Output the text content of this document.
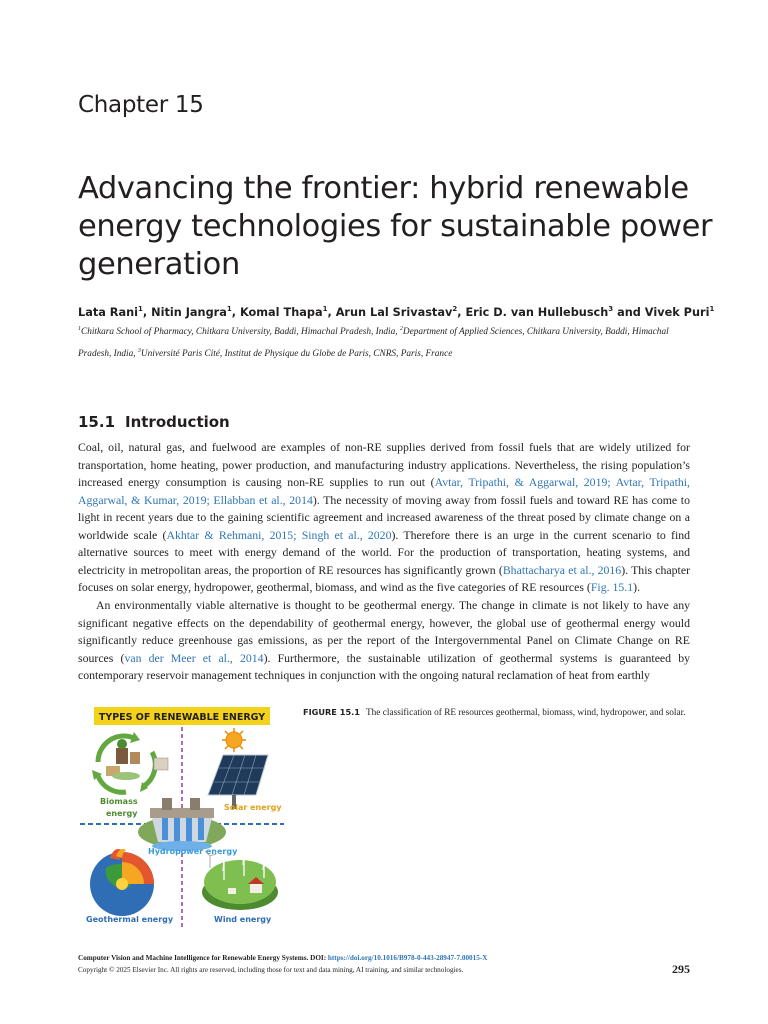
Chapter 15
Advancing the frontier: hybrid renewable energy technologies for sustainable power generation
Lata Rani$^1$, Nitin Jangra$^1$, Komal Thapa$^1$, Arun Lal Srivastav$^2$, Eric D. van Hullebusch$^3$ and Vivek Puri$^1$
$^1$Chitkara School of Pharmacy, Chitkara University, Baddi, Himachal Pradesh, India, $^2$Department of Applied Sciences, Chitkara University, Baddi, Himachal Pradesh, India, $^3$Université Paris Cité, Institut de Physique du Globe de Paris, CNRS, Paris, France
15.1 Introduction

Coal, oil, natural gas, and fuelwood are examples of non-RE supplies derived from fossil fuels that are widely utilized for transportation, home heating, power production, and manufacturing industry applications. Nevertheless, the rising population’s increased energy consumption is causing non-RE supplies to run out (Avtar, Tripathi, & Aggarwal, 2019; Avtar, Tripathi, Aggarwal, & Kumar, 2019; Ellabban et al., 2014). The necessity of moving away from fossil fuels and toward RE has come to light in recent years due to the gaining scientific agreement and increased awareness of the threat posed by climate change on a worldwide scale (Akhtar & Rehmani, 2015; Singh et al., 2020). Therefore there is an urge in the current scenario to find alternative sources to meet with energy demand of the world. For the production of transportation, heating systems, and electricity in metropolitan areas, the proportion of RE resources has significantly grown (Bhattacharya et al., 2016). This chapter focuses on solar energy, hydropower, geothermal, biomass, and wind as the five categories of RE resources (Fig. 15.1).

An environmentally viable alternative is thought to be geothermal energy. The change in climate is not likely to have any significant negative effects on the dependability of geothermal energy, however, the global use of geothermal energy would significantly reduce greenhouse gas emissions, as per the report of the Intergovernmental Panel on Climate Change on RE sources (van der Meer et al., 2014). Furthermore, the sustainable utilization of geothermal systems is guaranteed by contemporary reservoir management techniques in conjunction with the ongoing natural reclamation of heat from earthly

TYPES OF RENEWABLE ENERGY
Biomass
energy
Solar energy
Hydropower energy
Geothermal energy	Wind energy
FIGURE 15.1 The classification of RE resources geothermal, biomass, wind, hydropower, and solar.
Computer Vision and Machine Intelligence for Renewable Energy Systems. DOI: https://doi.org/10.1016/B978-0-443-28947-7.00015-X
Copyright © 2025 Elsevier Inc. All rights are reserved, including those for text and data mining, AI training, and similar technologies.	295
